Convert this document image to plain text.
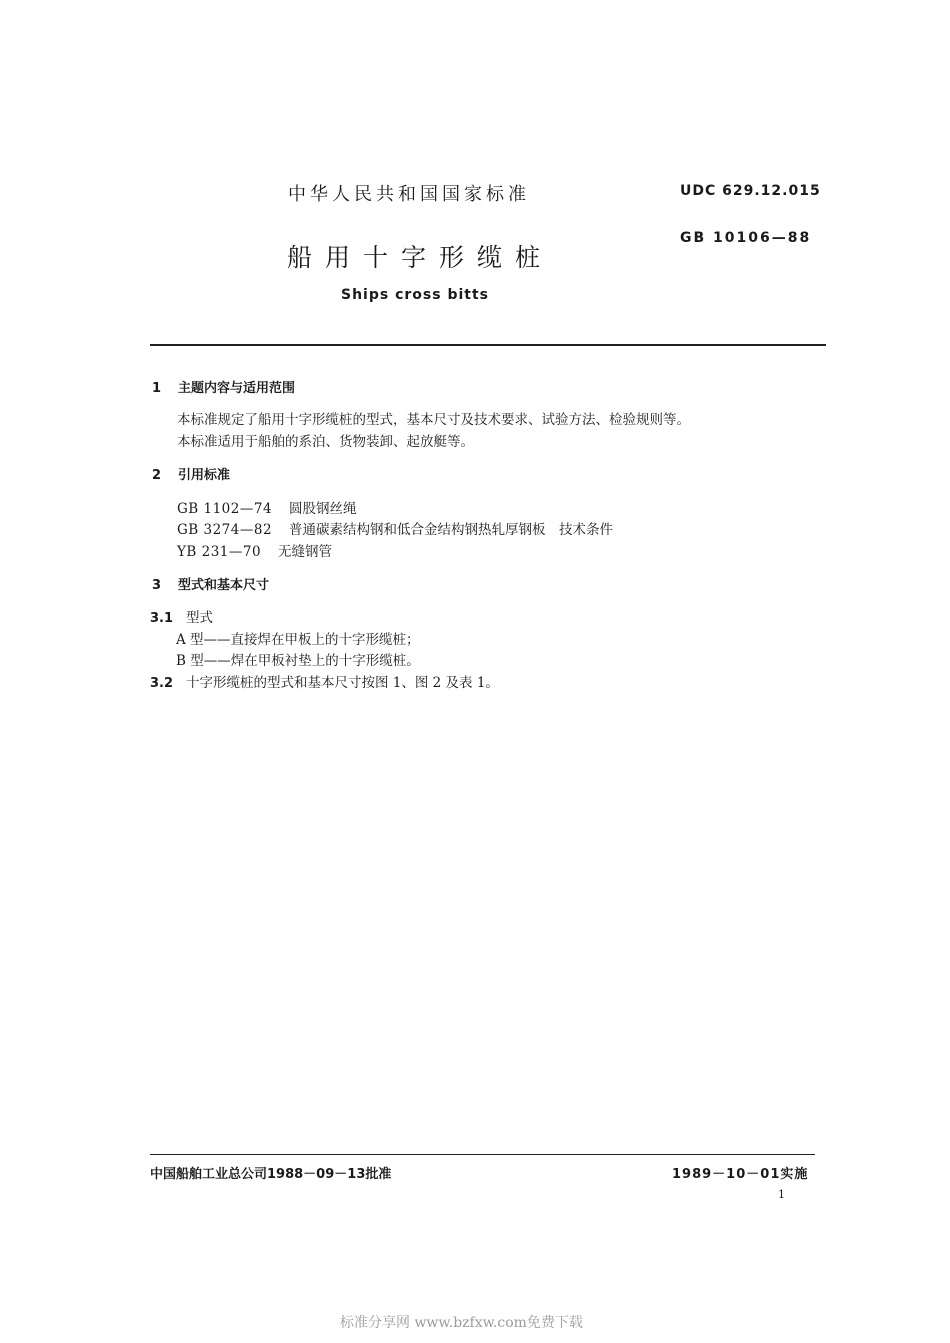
中华人民共和国国家标准	UDC 629.12.015
GB 10106—88
船用十字形缆桩
Ships cross bitts
1 主题内容与适用范围
本标准规定了船用十字形缆桩的型式，基本尺寸及技术要求、试验方法、检验规则等。
本标准适用于船舶的系泊、货物装卸、起放艇等。
2 引用标准
GB 1102—74 圆股钢丝绳
GB 3274—82 普通碳素结构钢和低合金结构钢热轧厚钢板　技术条件
YB 231—70 无缝钢管
3 型式和基本尺寸
3.1 型式
A 型——直接焊在甲板上的十字形缆桩；
B 型——焊在甲板衬垫上的十字形缆桩。
3.2 十字形缆桩的型式和基本尺寸按图 1、图 2 及表 1。
中国船舶工业总公司1988－09－13批准	1989－10－01实施
1
标准分享网 www.bzfxw.com免费下载
